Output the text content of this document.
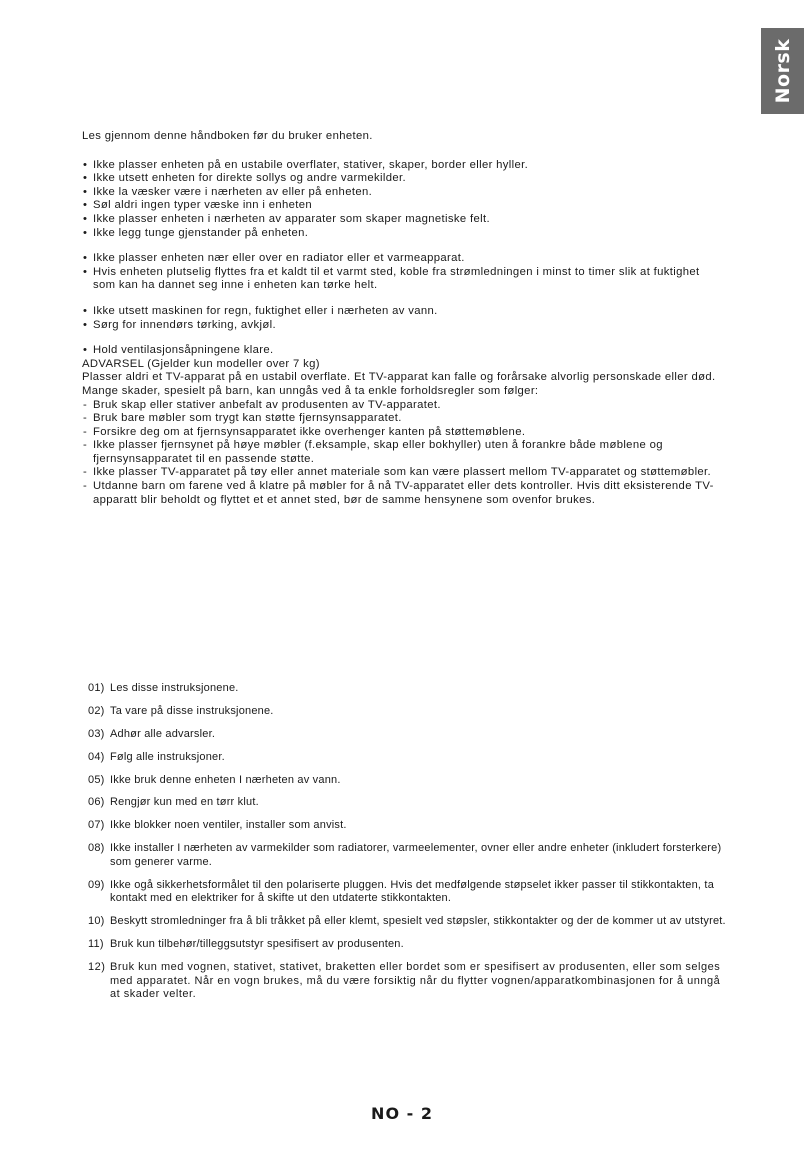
Norsk

Les gjennom denne håndboken før du bruker enheten.

• Ikke plasser enheten på en ustabile overflater, stativer, skaper, border eller hyller.
• Ikke utsett enheten for direkte sollys og andre varmekilder.
• Ikke la væsker være i nærheten av eller på enheten.
• Søl aldri ingen typer væske inn i enheten
• Ikke plasser enheten i nærheten av apparater som skaper magnetiske felt.
• Ikke legg tunge gjenstander på enheten.
• Ikke plasser enheten nær eller over en radiator eller et varmeapparat.
• Hvis enheten plutselig flyttes fra et kaldt til et varmt sted, koble fra strømledningen i minst to timer slik at fuktighet som kan ha dannet seg inne i enheten kan tørke helt.
• Ikke utsett maskinen for regn, fuktighet eller i nærheten av vann.
• Sørg for innendørs tørking, avkjøl.
• Hold ventilasjonsåpningene klare.

ADVARSEL (Gjelder kun modeller over 7 kg)

Plasser aldri et TV-apparat på en ustabil overflate. Et TV-apparat kan falle og forårsake alvorlig personskade eller død.

Mange skader, spesielt på barn, kan unngås ved å ta enkle forholdsregler som følger:

- Bruk skap eller stativer anbefalt av produsenten av TV-apparatet.
- Bruk bare møbler som trygt kan støtte fjernsynsapparatet.
- Forsikre deg om at fjernsynsapparatet ikke overhenger kanten på støttemøblene.
- Ikke plasser fjernsynet på høye møbler (f.eksample, skap eller bokhyller) uten å forankre både møblene og fjernsynsapparatet til en passende støtte.
- Ikke plasser TV-apparatet på tøy eller annet materiale som kan være plassert mellom TV-apparatet og støttemøbler.
- Utdanne barn om farene ved å klatre på møbler for å nå TV-apparatet eller dets kontroller. Hvis ditt eksisterende TV-apparatt blir beholdt og flyttet et et annet sted, bør de samme hensynene som ovenfor brukes.
01) Les disse instruksjonene.
02) Ta vare på disse instruksjonene.
03) Adhør alle advarsler.
04) Følg alle instruksjoner.
05) Ikke bruk denne enheten I nærheten av vann.
06) Rengjør kun med en tørr klut.
07) Ikke blokker noen ventiler, installer som anvist.
08) Ikke installer I nærheten av varmekilder som radiatorer, varmeelementer, ovner eller andre enheter (inkludert forsterkere) som generer varme.
09) Ikke ogå sikkerhetsformålet til den polariserte pluggen. Hvis det medfølgende støpselet ikker passer til stikkontakten, ta kontakt med en elektriker for å skifte ut den utdaterte stikkontakten.
10) Beskytt stromledninger fra å bli tråkket på eller klemt, spesielt ved støpsler, stikkontakter og der de kommer ut av utstyret.
11) Bruk kun tilbehør/tilleggsutstyr spesifisert av produsenten.
12) Bruk kun med vognen, stativet, stativet, braketten eller bordet som er spesifisert av produsenten, eller som selges med apparatet. Når en vogn brukes, må du være forsiktig når du flytter vognen/apparatkombinasjonen for å unngå at skader velter.
NO - 2
